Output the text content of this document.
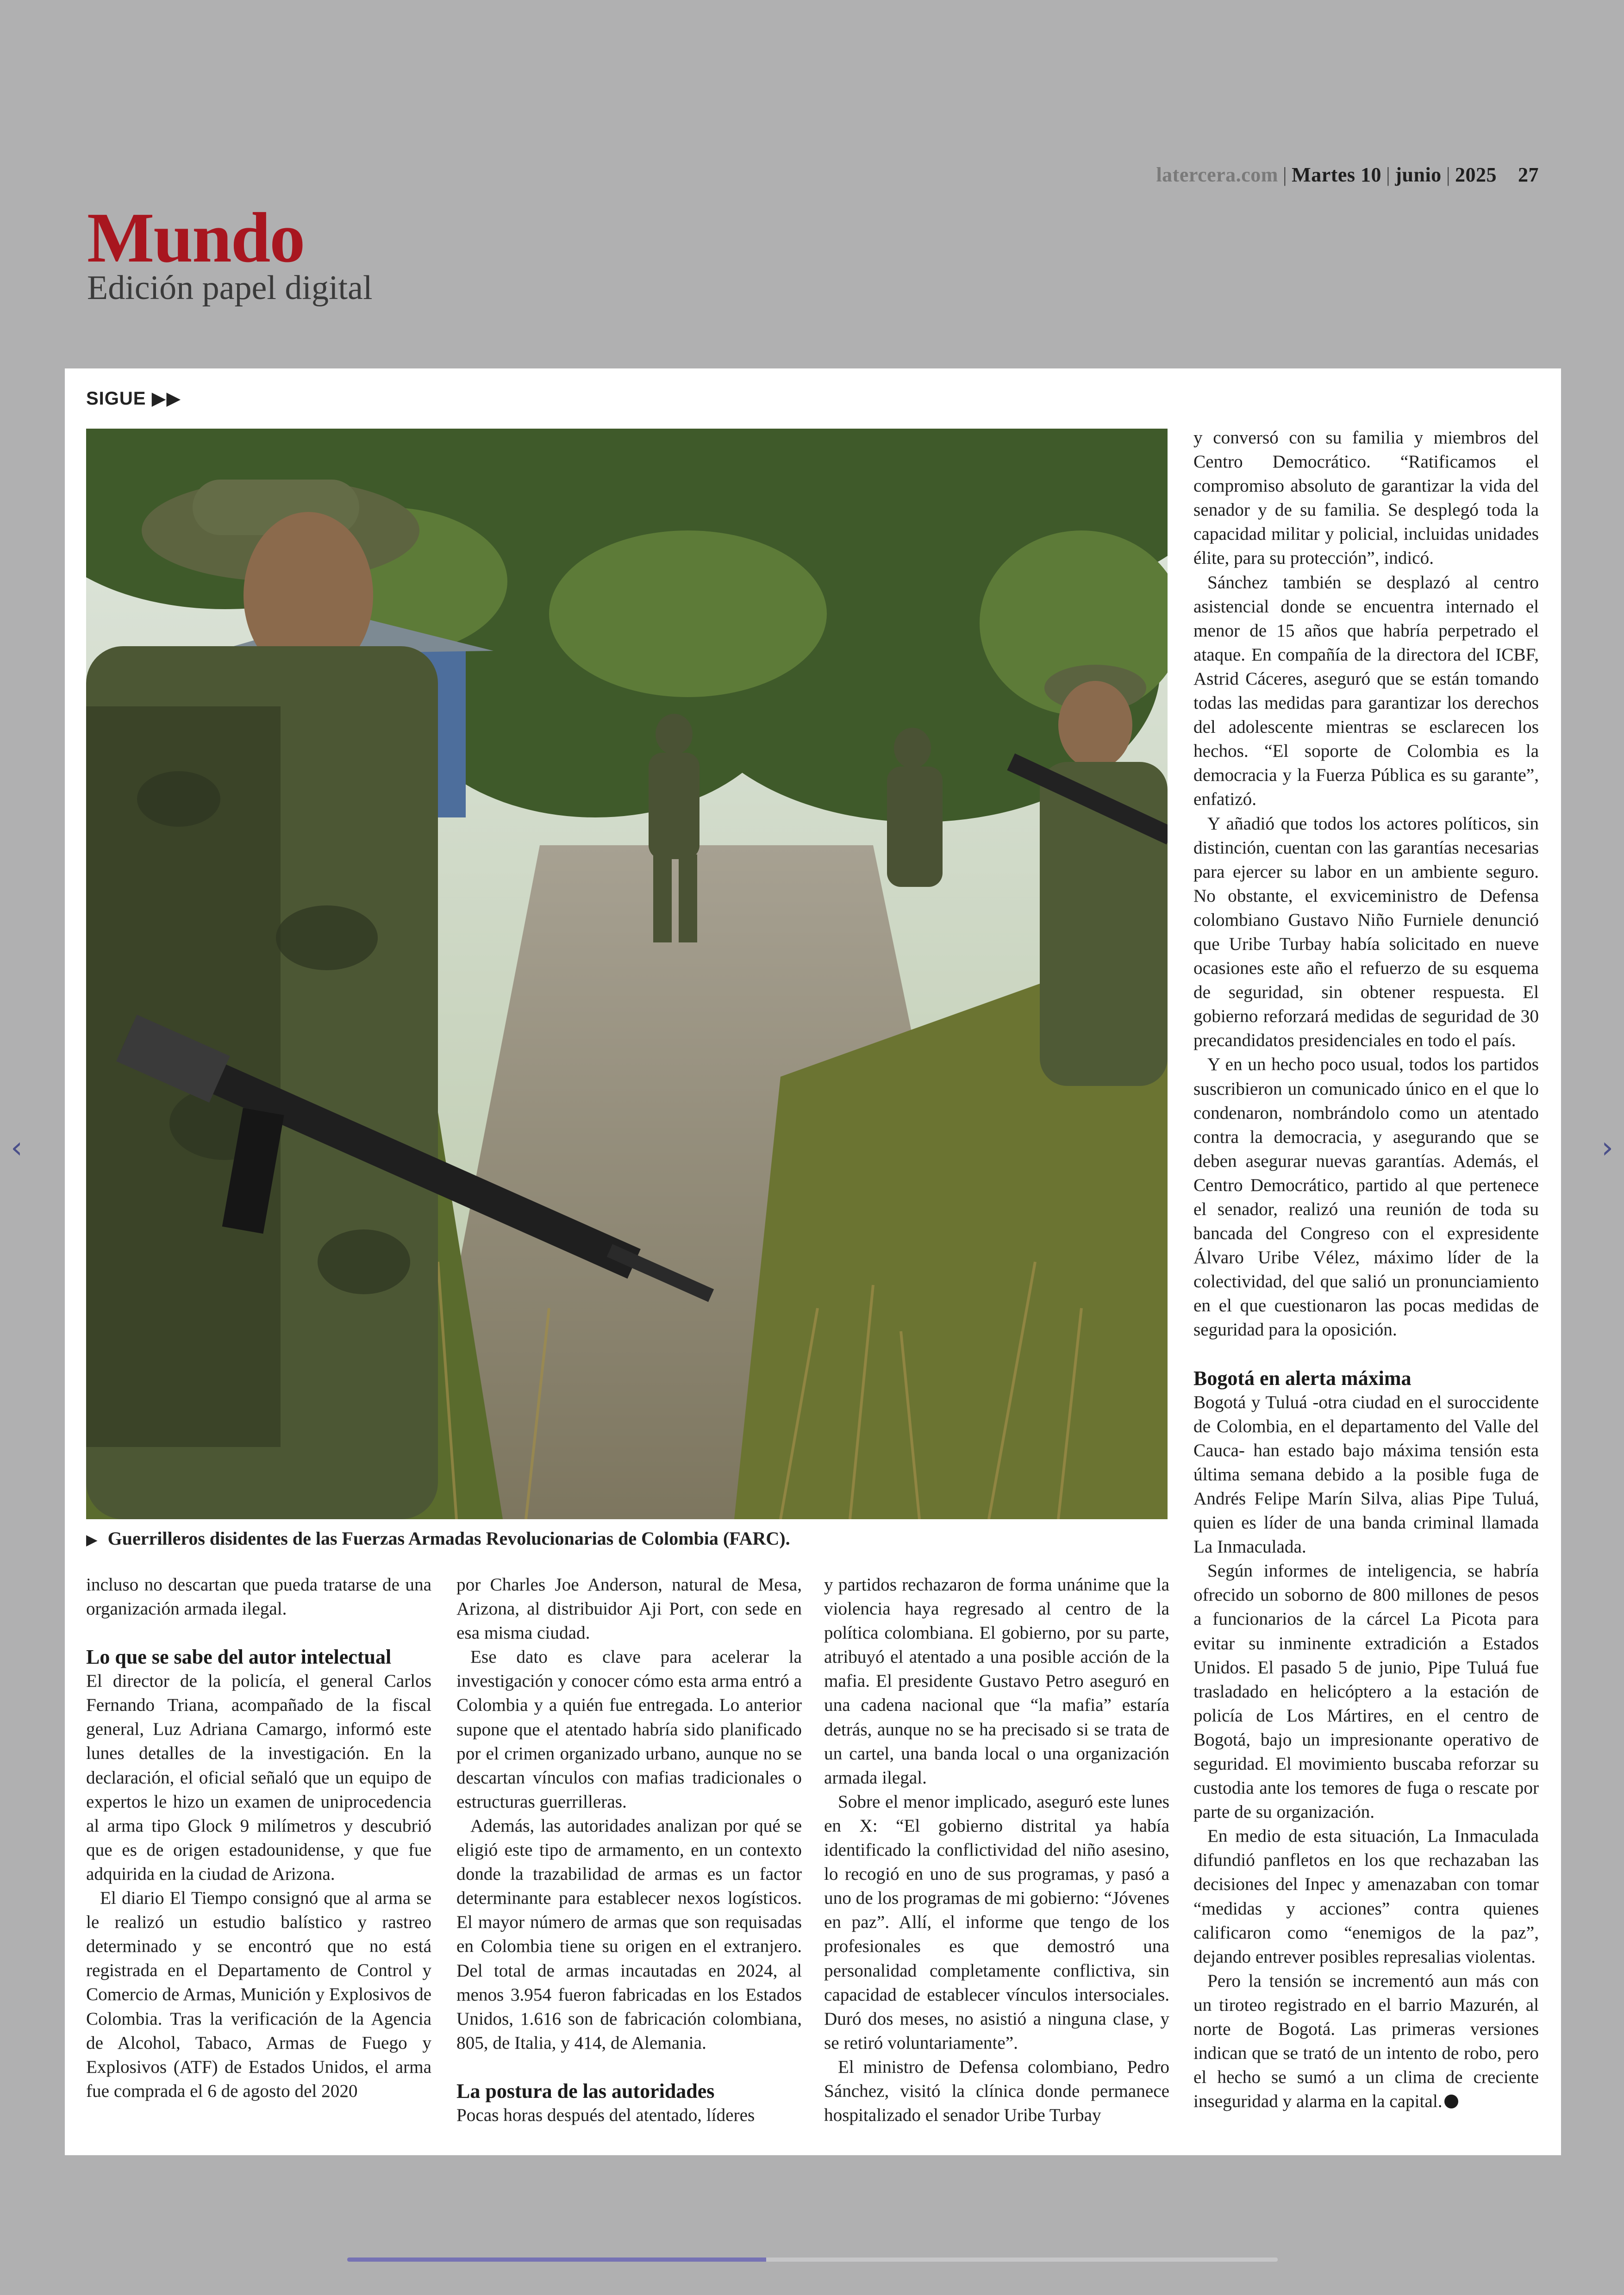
latercera.com | Martes 10 | junio | 2025 27
Mundo
Edición papel digital
‹	›
SIGUE ▶▶
▶ Guerrilleros disidentes de las Fuerzas Armadas Revolucionarias de Colombia (FARC).

incluso no descartan que pueda tratarse de una organización armada ilegal.

Lo que se sabe del autor intelectual

El director de la policía, el general Carlos Fernando Triana, acompañado de la fiscal general, Luz Adriana Camargo, informó este lunes detalles de la investigación. En la declaración, el oficial señaló que un equipo de expertos le hizo un examen de uniprocedencia al arma tipo Glock 9 milímetros y descubrió que es de origen estadounidense, y que fue adquirida en la ciudad de Arizona.

El diario El Tiempo consignó que al arma se le realizó un estudio balístico y rastreo determinado y se encontró que no está registrada en el Departamento de Control y Comercio de Armas, Munición y Explosivos de Colombia. Tras la verificación de la Agencia de Alcohol, Tabaco, Armas de Fuego y Explosivos (ATF) de Estados Unidos, el arma fue comprada el 6 de agosto del 2020

por Charles Joe Anderson, natural de Mesa, Arizona, al distribuidor Aji Port, con sede en esa misma ciudad.

Ese dato es clave para acelerar la investigación y conocer cómo esta arma entró a Colombia y a quién fue entregada. Lo anterior supone que el atentado habría sido planificado por el crimen organizado urbano, aunque no se descartan vínculos con mafias tradicionales o estructuras guerrilleras.

Además, las autoridades analizan por qué se eligió este tipo de armamento, en un contexto donde la trazabilidad de armas es un factor determinante para establecer nexos logísticos. El mayor número de armas que son requisadas en Colombia tiene su origen en el extranjero. Del total de armas incautadas en 2024, al menos 3.954 fueron fabricadas en los Estados Unidos, 1.616 son de fabricación colombiana, 805, de Italia, y 414, de Alemania.

La postura de las autoridades

Pocas horas después del atentado, líderes

y partidos rechazaron de forma unánime que la violencia haya regresado al centro de la política colombiana. El gobierno, por su parte, atribuyó el atentado a una posible acción de la mafia. El presidente Gustavo Petro aseguró en una cadena nacional que “la mafia” estaría detrás, aunque no se ha precisado si se trata de un cartel, una banda local o una organización armada ilegal.

Sobre el menor implicado, aseguró este lunes en X: “El gobierno distrital ya había identificado la conflictividad del niño asesino, lo recogió en uno de sus programas, y pasó a uno de los programas de mi gobierno: “Jóvenes en paz”. Allí, el informe que tengo de los profesionales es que demostró una personalidad completamente conflictiva, sin capacidad de establecer vínculos intersociales. Duró dos meses, no asistió a ninguna clase, y se retiró voluntariamente”.

El ministro de Defensa colombiano, Pedro Sánchez, visitó la clínica donde permanece hospitalizado el senador Uribe Turbay

y conversó con su familia y miembros del Centro Democrático. “Ratificamos el compromiso absoluto de garantizar la vida del senador y de su familia. Se desplegó toda la capacidad militar y policial, incluidas unidades élite, para su protección”, indicó.

Sánchez también se desplazó al centro asistencial donde se encuentra internado el menor de 15 años que habría perpetrado el ataque. En compañía de la directora del ICBF, Astrid Cáceres, aseguró que se están tomando todas las medidas para garantizar los derechos del adolescente mientras se esclarecen los hechos. “El soporte de Colombia es la democracia y la Fuerza Pública es su garante”, enfatizó.

Y añadió que todos los actores políticos, sin distinción, cuentan con las garantías necesarias para ejercer su labor en un ambiente seguro. No obstante, el exviceministro de Defensa colombiano Gustavo Niño Furniele denunció que Uribe Turbay había solicitado en nueve ocasiones este año el refuerzo de su esquema de seguridad, sin obtener respuesta. El gobierno reforzará medidas de seguridad de 30 precandidatos presidenciales en todo el país.

Y en un hecho poco usual, todos los partidos suscribieron un comunicado único en el que lo condenaron, nombrándolo como un atentado contra la democracia, y asegurando que se deben asegurar nuevas garantías. Además, el Centro Democrático, partido al que pertenece el senador, realizó una reunión de toda su bancada del Congreso con el expresidente Álvaro Uribe Vélez, máximo líder de la colectividad, del que salió un pronunciamiento en el que cuestionaron las pocas medidas de seguridad para la oposición.

Bogotá en alerta máxima

Bogotá y Tuluá -otra ciudad en el suroccidente de Colombia, en el departamento del Valle del Cauca- han estado bajo máxima tensión esta última semana debido a la posible fuga de Andrés Felipe Marín Silva, alias Pipe Tuluá, quien es líder de una banda criminal llamada La Inmaculada.

Según informes de inteligencia, se habría ofrecido un soborno de 800 millones de pesos a funcionarios de la cárcel La Picota para evitar su inminente extradición a Estados Unidos. El pasado 5 de junio, Pipe Tuluá fue trasladado en helicóptero a la estación de policía de Los Mártires, en el centro de Bogotá, bajo un impresionante operativo de seguridad. El movimiento buscaba reforzar su custodia ante los temores de fuga o rescate por parte de su organización.

En medio de esta situación, La Inmaculada difundió panfletos en los que rechazaban las decisiones del Inpec y amenazaban con tomar “medidas y acciones” contra quienes calificaron como “enemigos de la paz”, dejando entrever posibles represalias violentas.

Pero la tensión se incrementó aun más con un tiroteo registrado en el barrio Mazurén, al norte de Bogotá. Las primeras versiones indican que se trató de un intento de robo, pero el hecho se sumó a un clima de creciente inseguridad y alarma en la capital.
